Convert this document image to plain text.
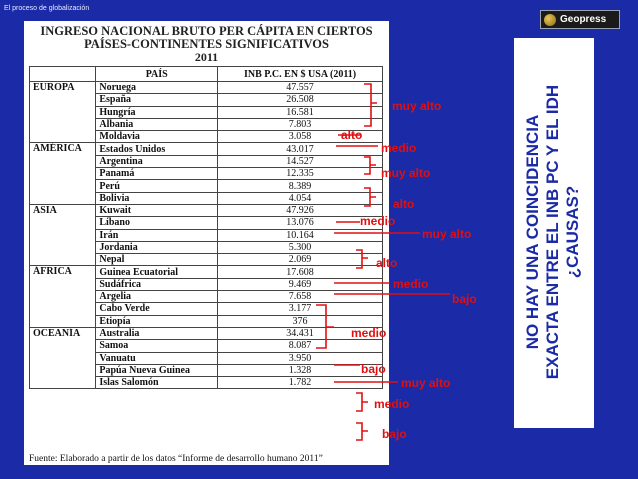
El proceso de globalización
Geopress
INGRESO NACIONAL BRUTO PER CÁPITA EN CIERTOS
PAÍSES-CONTINENTES SIGNIFICATIVOS
2011
	PAÍS	INB P.C. EN $ USA (2011)
EUROPA	Noruega	47.557
	España	26.508
	Hungría	16.581
	Albania	7.803
	Moldavia	3.058
AMÉRICA	Estados Unidos	43.017
	Argentina	14.527
	Panamá	12.335
	Perú	8.389
	Bolivia	4.054
ASIA	Kuwait	47.926
	Líbano	13.076
	Irán	10.164
	Jordania	5.300
	Nepal	2.069
ÁFRICA	Guinea Ecuatorial	17.608
	Sudáfrica	9.469
	Argelia	7.658
	Cabo Verde	3.177
	Etiopía	376
OCEANÍA	Australia	34.431
	Samoa	8.087
	Vanuatu	3.950
	Papúa Nueva Guinea	1.328
	Islas Salomón	1.782
Fuente: Elaborado a partir de los datos “Informe de desarrollo humano 2011”
muy alto
alto
medio
muy alto
alto
medio
muy alto
alto
medio
bajo
medio
bajo
muy alto
medio
bajo
NO HAY UNA COINCIDENCIA EXACTA ENTRE EL INB PC Y EL IDH ¿CAUSAS?
